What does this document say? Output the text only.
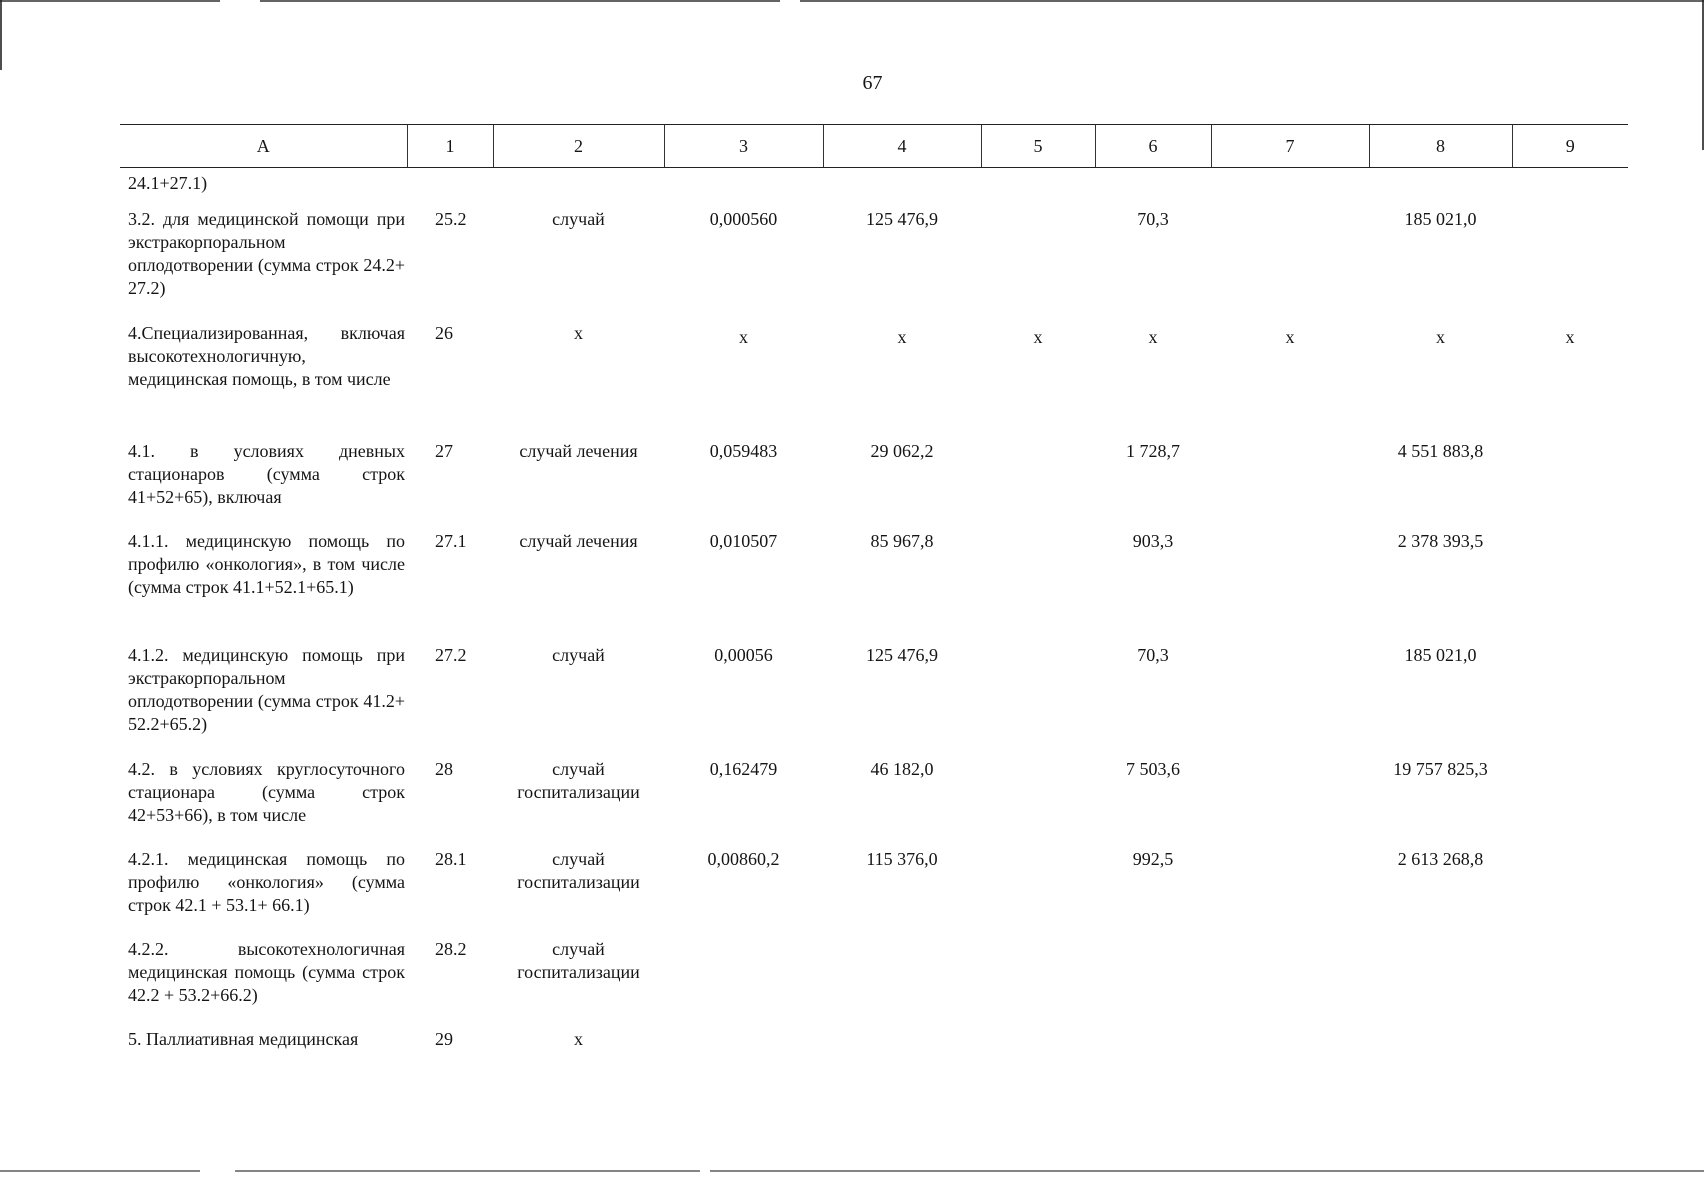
67
А	1	2	3	4	5	6	7	8	9
24.1+27.1)									
3.2. для медицинской помощи при экстракорпоральном оплодотворении (сумма строк 24.2+ 27.2)	25.2	случай	0,000560	125 476,9		70,3		185 021,0	
4.Специализированная, включая высокотехнологичную, медицинская помощь, в том числе	26	х	х	х	х	х	х	х	х
4.1. в условиях дневных стационаров (сумма строк 41+52+65), включая	27	случай лечения	0,059483	29 062,2		1 728,7		4 551 883,8	
4.1.1. медицинскую помощь по профилю «онкология», в том числе (сумма строк 41.1+52.1+65.1)	27.1	случай лечения	0,010507	85 967,8		903,3		2 378 393,5	
4.1.2. медицинскую помощь при экстракорпоральном оплодотворении (сумма строк 41.2+ 52.2+65.2)	27.2	случай	0,00056	125 476,9		70,3		185 021,0	
4.2. в условиях круглосуточного стационара (сумма строк 42+53+66), в том числе	28	случай госпитализации	0,162479	46 182,0		7 503,6		19 757 825,3	
4.2.1. медицинская помощь по профилю «онкология» (сумма строк 42.1 + 53.1+ 66.1)	28.1	случай госпитализации	0,00860,2	115 376,0		992,5		2 613 268,8	
4.2.2. высокотехнологичная медицинская помощь (сумма строк 42.2 + 53.2+66.2)	28.2	случай госпитализации							
5. Паллиативная медицинская	29	х							
